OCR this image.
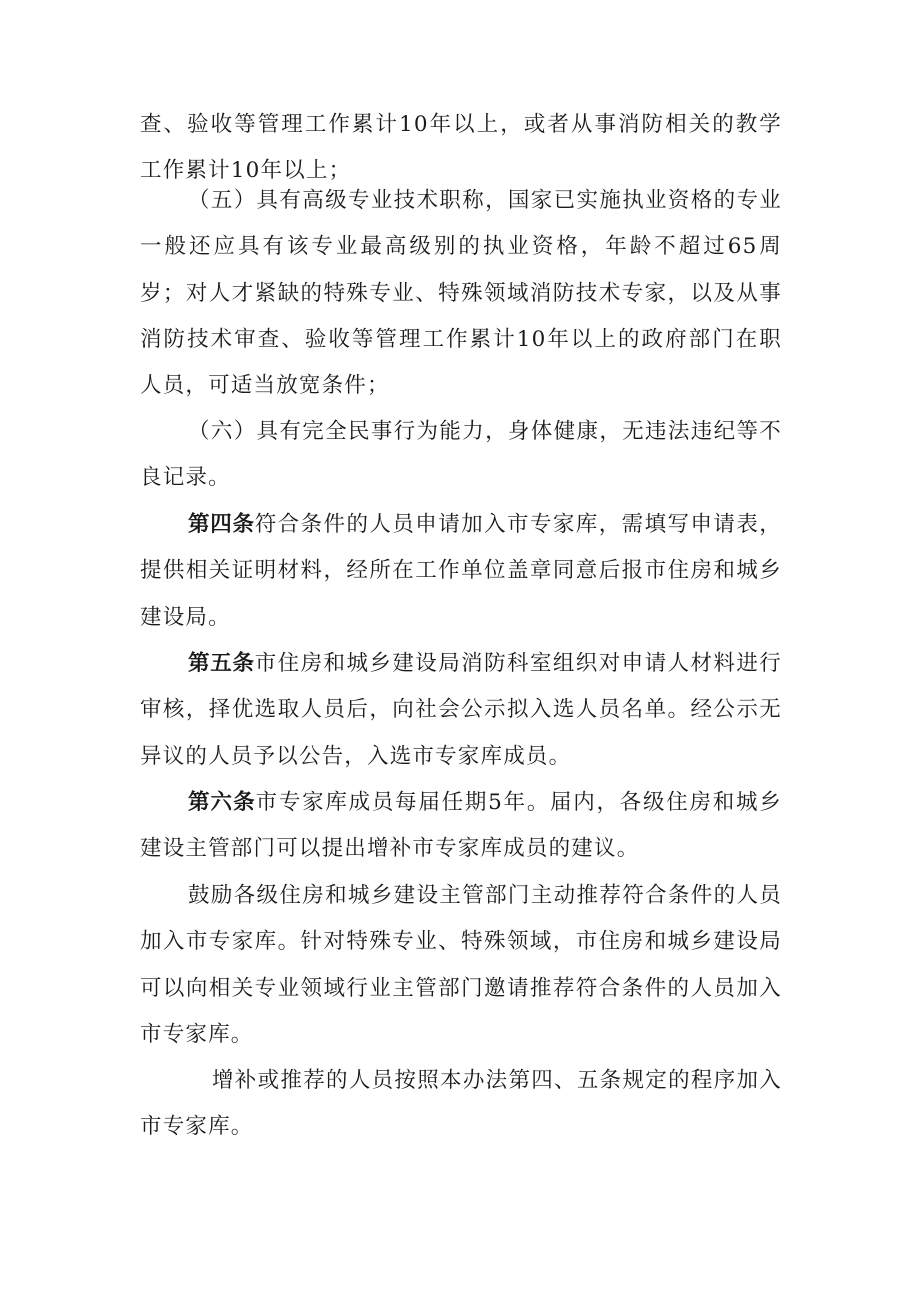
查、验收等管理工作累计10年以上，或者从事消防相关的教学工作累计10年以上；

（五）具有高级专业技术职称，国家已实施执业资格的专业一般还应具有该专业最高级别的执业资格，年龄不超过65周岁；对人才紧缺的特殊专业、特殊领域消防技术专家，以及从事消防技术审查、验收等管理工作累计10年以上的政府部门在职人员，可适当放宽条件；

（六）具有完全民事行为能力，身体健康，无违法违纪等不良记录。

第四条符合条件的人员申请加入市专家库，需填写申请表，提供相关证明材料，经所在工作单位盖章同意后报市住房和城乡建设局。

第五条市住房和城乡建设局消防科室组织对申请人材料进行审核，择优选取人员后，向社会公示拟入选人员名单。经公示无异议的人员予以公告，入选市专家库成员。

第六条市专家库成员每届任期5年。届内，各级住房和城乡建设主管部门可以提出增补市专家库成员的建议。

鼓励各级住房和城乡建设主管部门主动推荐符合条件的人员加入市专家库。针对特殊专业、特殊领域，市住房和城乡建设局可以向相关专业领域行业主管部门邀请推荐符合条件的人员加入市专家库。

增补或推荐的人员按照本办法第四、五条规定的程序加入市专家库。
